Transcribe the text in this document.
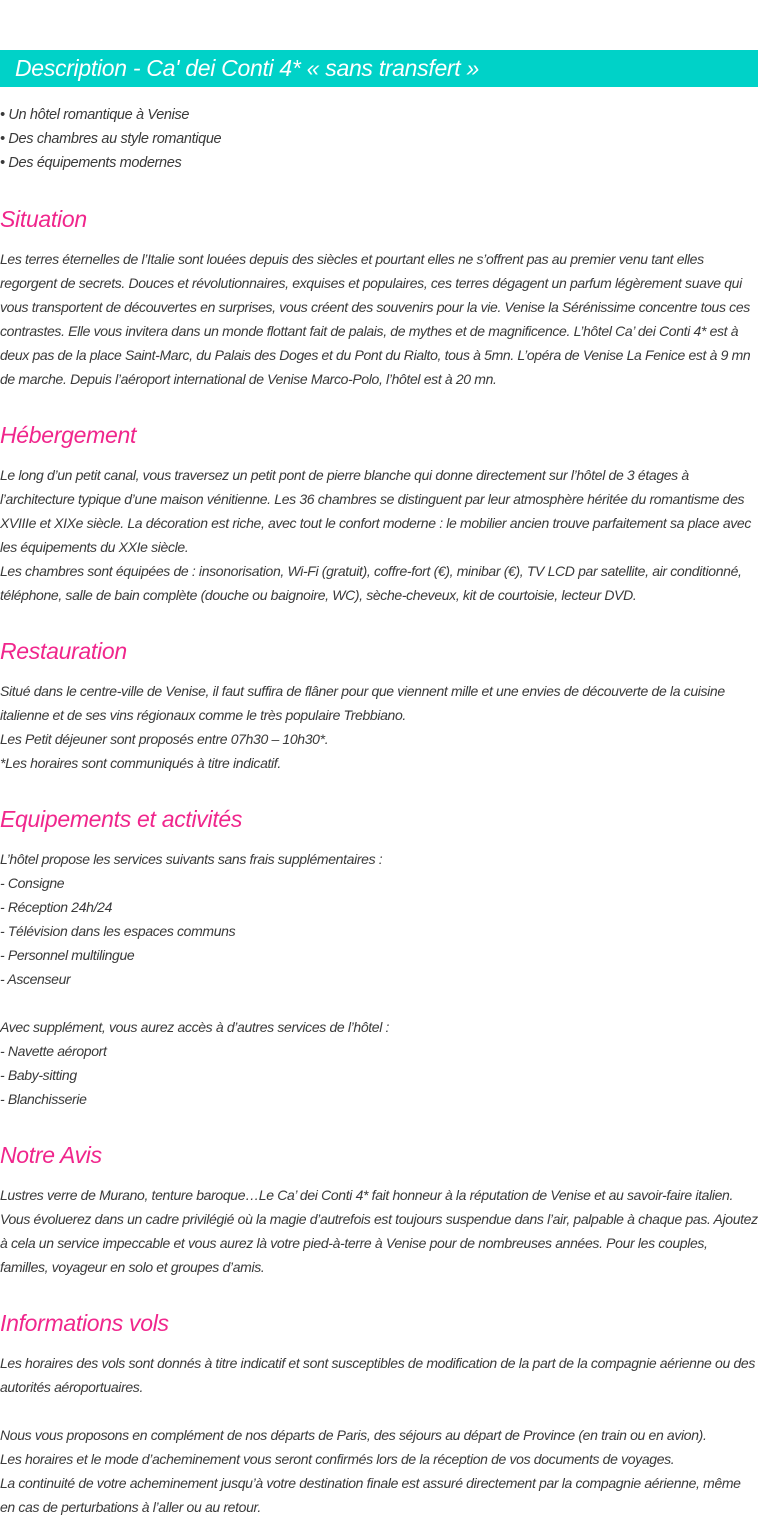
Description - Ca' dei Conti 4* « sans transfert »

• Un hôtel romantique à Venise

• Des chambres au style romantique

• Des équipements modernes

Situation

Les terres éternelles de l’Italie sont louées depuis des siècles et pourtant elles ne s’offrent pas au premier venu tant elles regorgent de secrets. Douces et révolutionnaires, exquises et populaires, ces terres dégagent un parfum légèrement suave qui vous transportent de découvertes en surprises, vous créent des souvenirs pour la vie. Venise la Sérénissime concentre tous ces contrastes. Elle vous invitera dans un monde flottant fait de palais, de mythes et de magnificence. L’hôtel Ca’ dei Conti 4* est à deux pas de la place Saint-Marc, du Palais des Doges et du Pont du Rialto, tous à 5mn. L’opéra de Venise La Fenice est à 9 mn de marche. Depuis l’aéroport international de Venise Marco-Polo, l’hôtel est à 20 mn.

Hébergement

Le long d’un petit canal, vous traversez un petit pont de pierre blanche qui donne directement sur l’hôtel de 3 étages à l’architecture typique d’une maison vénitienne. Les 36 chambres se distinguent par leur atmosphère héritée du romantisme des XVIIIe et XIXe siècle. La décoration est riche, avec tout le confort moderne : le mobilier ancien trouve parfaitement sa place avec les équipements du XXIe siècle.

Les chambres sont équipées de : insonorisation, Wi-Fi (gratuit), coffre-fort (€), minibar (€), TV LCD par satellite, air conditionné, téléphone, salle de bain complète (douche ou baignoire, WC), sèche-cheveux, kit de courtoisie, lecteur DVD.

Restauration

Situé dans le centre-ville de Venise, il faut suffira de flâner pour que viennent mille et une envies de découverte de la cuisine italienne et de ses vins régionaux comme le très populaire Trebbiano.

Les Petit déjeuner sont proposés entre 07h30 – 10h30*.

*Les horaires sont communiqués à titre indicatif.

Equipements et activités

L’hôtel propose les services suivants sans frais supplémentaires :

- Consigne

- Réception 24h/24

- Télévision dans les espaces communs

- Personnel multilingue

- Ascenseur

Avec supplément, vous aurez accès à d’autres services de l’hôtel :

- Navette aéroport

- Baby-sitting

- Blanchisserie

Notre Avis

Lustres verre de Murano, tenture baroque…Le Ca’ dei Conti 4* fait honneur à la réputation de Venise et au savoir-faire italien. Vous évoluerez dans un cadre privilégié où la magie d’autrefois est toujours suspendue dans l’air, palpable à chaque pas. Ajoutez à cela un service impeccable et vous aurez là votre pied-à-terre à Venise pour de nombreuses années. Pour les couples, familles, voyageur en solo et groupes d’amis.

Informations vols

Les horaires des vols sont donnés à titre indicatif et sont susceptibles de modification de la part de la compagnie aérienne ou des autorités aéroportuaires.

Nous vous proposons en complément de nos départs de Paris, des séjours au départ de Province (en train ou en avion).

Les horaires et le mode d’acheminement vous seront confirmés lors de la réception de vos documents de voyages.

La continuité de votre acheminement jusqu’à votre destination finale est assuré directement par la compagnie aérienne, même en cas de perturbations à l’aller ou au retour.
